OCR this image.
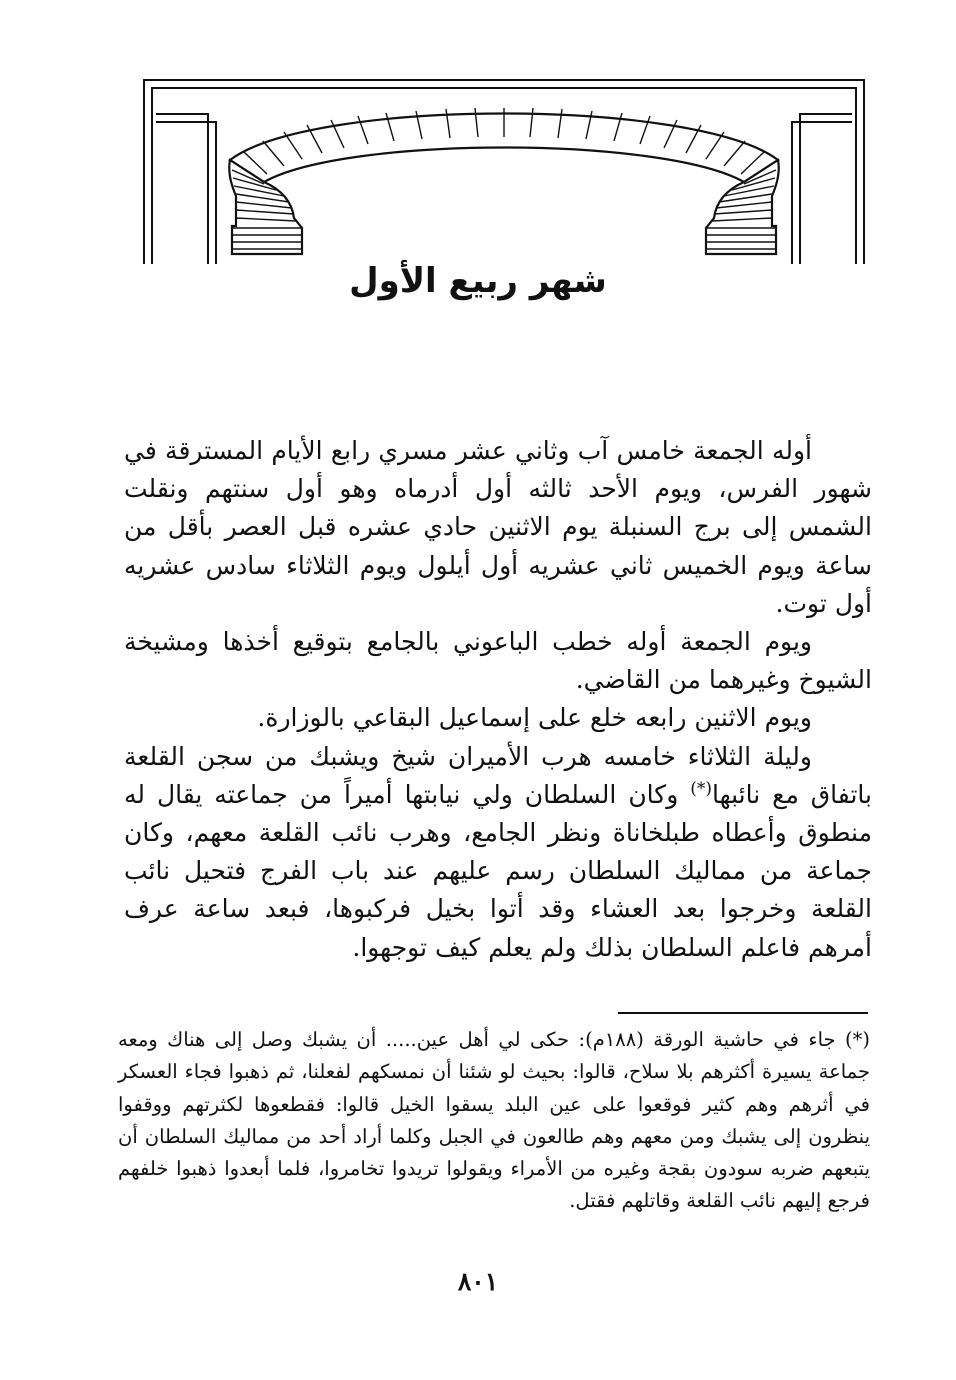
شهر ربيع الأول

أوله الجمعة خامس آب وثاني عشر مسري رابع الأيام المسترقة في شهور الفرس، ويوم الأحد ثالثه أول أدرماه وهو أول سنتهم ونقلت الشمس إلى برج السنبلة يوم الاثنين حادي عشره قبل العصر بأقل من ساعة ويوم الخميس ثاني عشريه أول أيلول ويوم الثلاثاء سادس عشريه أول توت.

ويوم الجمعة أوله خطب الباعوني بالجامع بتوقيع أخذها ومشيخة الشيوخ وغيرهما من القاضي.

ويوم الاثنين رابعه خلع على إسماعيل البقاعي بالوزارة.

وليلة الثلاثاء خامسه هرب الأميران شيخ ويشبك من سجن القلعة باتفاق مع نائبها(*) وكان السلطان ولي نيابتها أميراً من جماعته يقال له منطوق وأعطاه طبلخاناة ونظر الجامع، وهرب نائب القلعة معهم، وكان جماعة من مماليك السلطان رسم عليهم عند باب الفرج فتحيل نائب القلعة وخرجوا بعد العشاء وقد أتوا بخيل فركبوها، فبعد ساعة عرف أمرهم فاعلم السلطان بذلك ولم يعلم كيف توجهوا.

(*) جاء في حاشية الورقة (١٨٨م): حكى لي أهل عين..... أن يشبك وصل إلى هناك ومعه جماعة يسيرة أكثرهم بلا سلاح، قالوا: بحيث لو شئنا أن نمسكهم لفعلنا، ثم ذهبوا فجاء العسكر في أثرهم وهم كثير فوقعوا على عين البلد يسقوا الخيل قالوا: فقطعوها لكثرتهم ووقفوا ينظرون إلى يشبك ومن معهم وهم طالعون في الجبل وكلما أراد أحد من مماليك السلطان أن يتبعهم ضربه سودون بقجة وغيره من الأمراء ويقولوا تريدوا تخامروا، فلما أبعدوا ذهبوا خلفهم فرجع إليهم نائب القلعة وقاتلهم فقتل.

٨٠١
